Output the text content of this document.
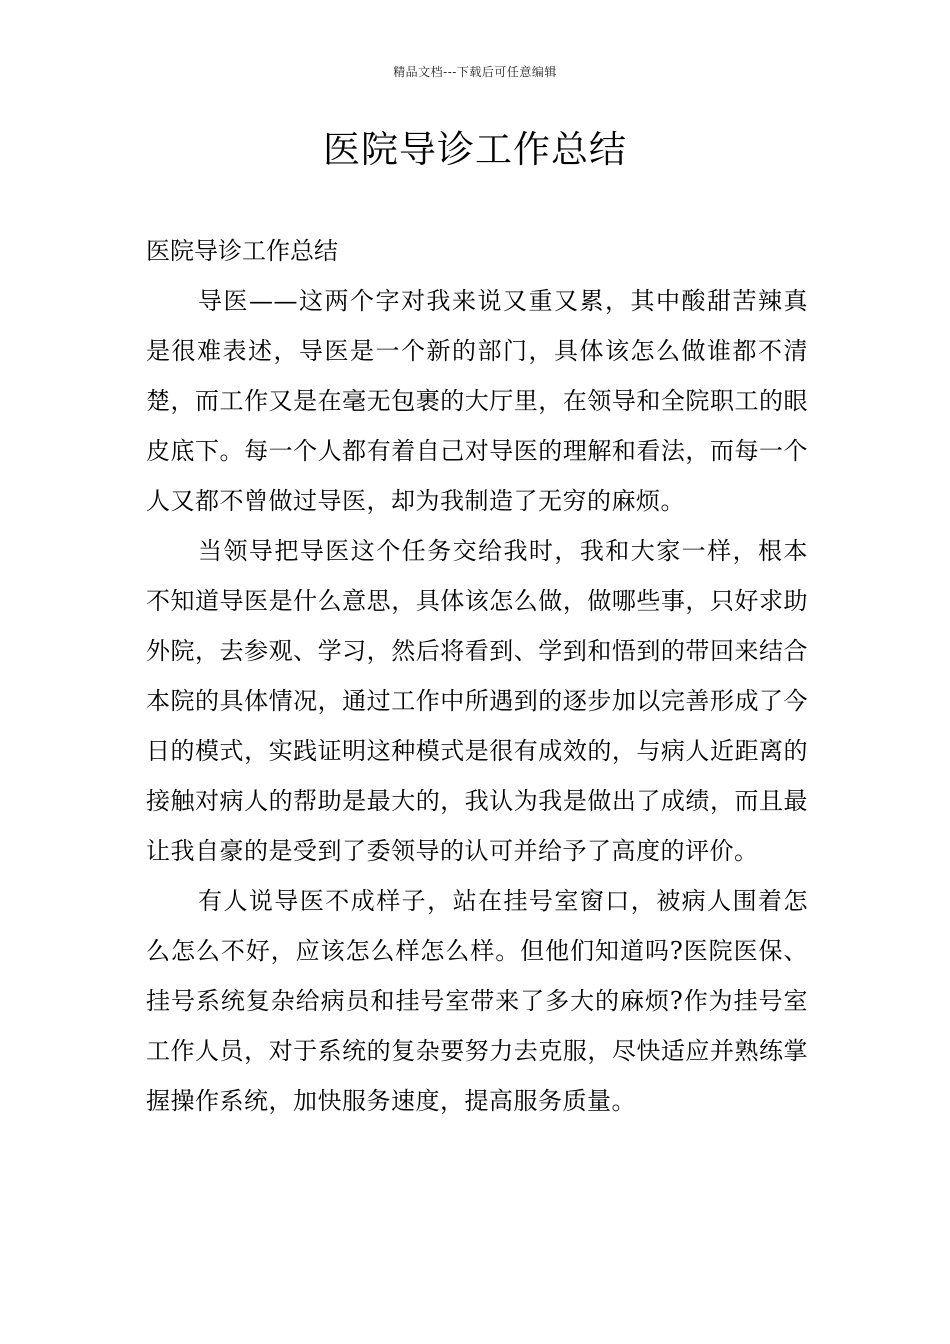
精品文档---下载后可任意编辑
医院导诊工作总结

医院导诊工作总结

导医——这两个字对我来说又重又累，其中酸甜苦辣真是很难表述，导医是一个新的部门，具体该怎么做谁都不清楚，而工作又是在毫无包裹的大厅里，在领导和全院职工的眼皮底下。每一个人都有着自己对导医的理解和看法，而每一个人又都不曾做过导医，却为我制造了无穷的麻烦。

当领导把导医这个任务交给我时，我和大家一样，根本不知道导医是什么意思，具体该怎么做，做哪些事，只好求助外院，去参观、学习，然后将看到、学到和悟到的带回来结合本院的具体情况，通过工作中所遇到的逐步加以完善形成了今日的模式，实践证明这种模式是很有成效的，与病人近距离的接触对病人的帮助是最大的，我认为我是做出了成绩，而且最让我自豪的是受到了委领导的认可并给予了高度的评价。

有人说导医不成样子，站在挂号室窗口，被病人围着怎么怎么不好，应该怎么样怎么样。但他们知道吗?医院医保、挂号系统复杂给病员和挂号室带来了多大的麻烦?作为挂号室工作人员，对于系统的复杂要努力去克服，尽快适应并熟练掌握操作系统，加快服务速度，提高服务质量。
